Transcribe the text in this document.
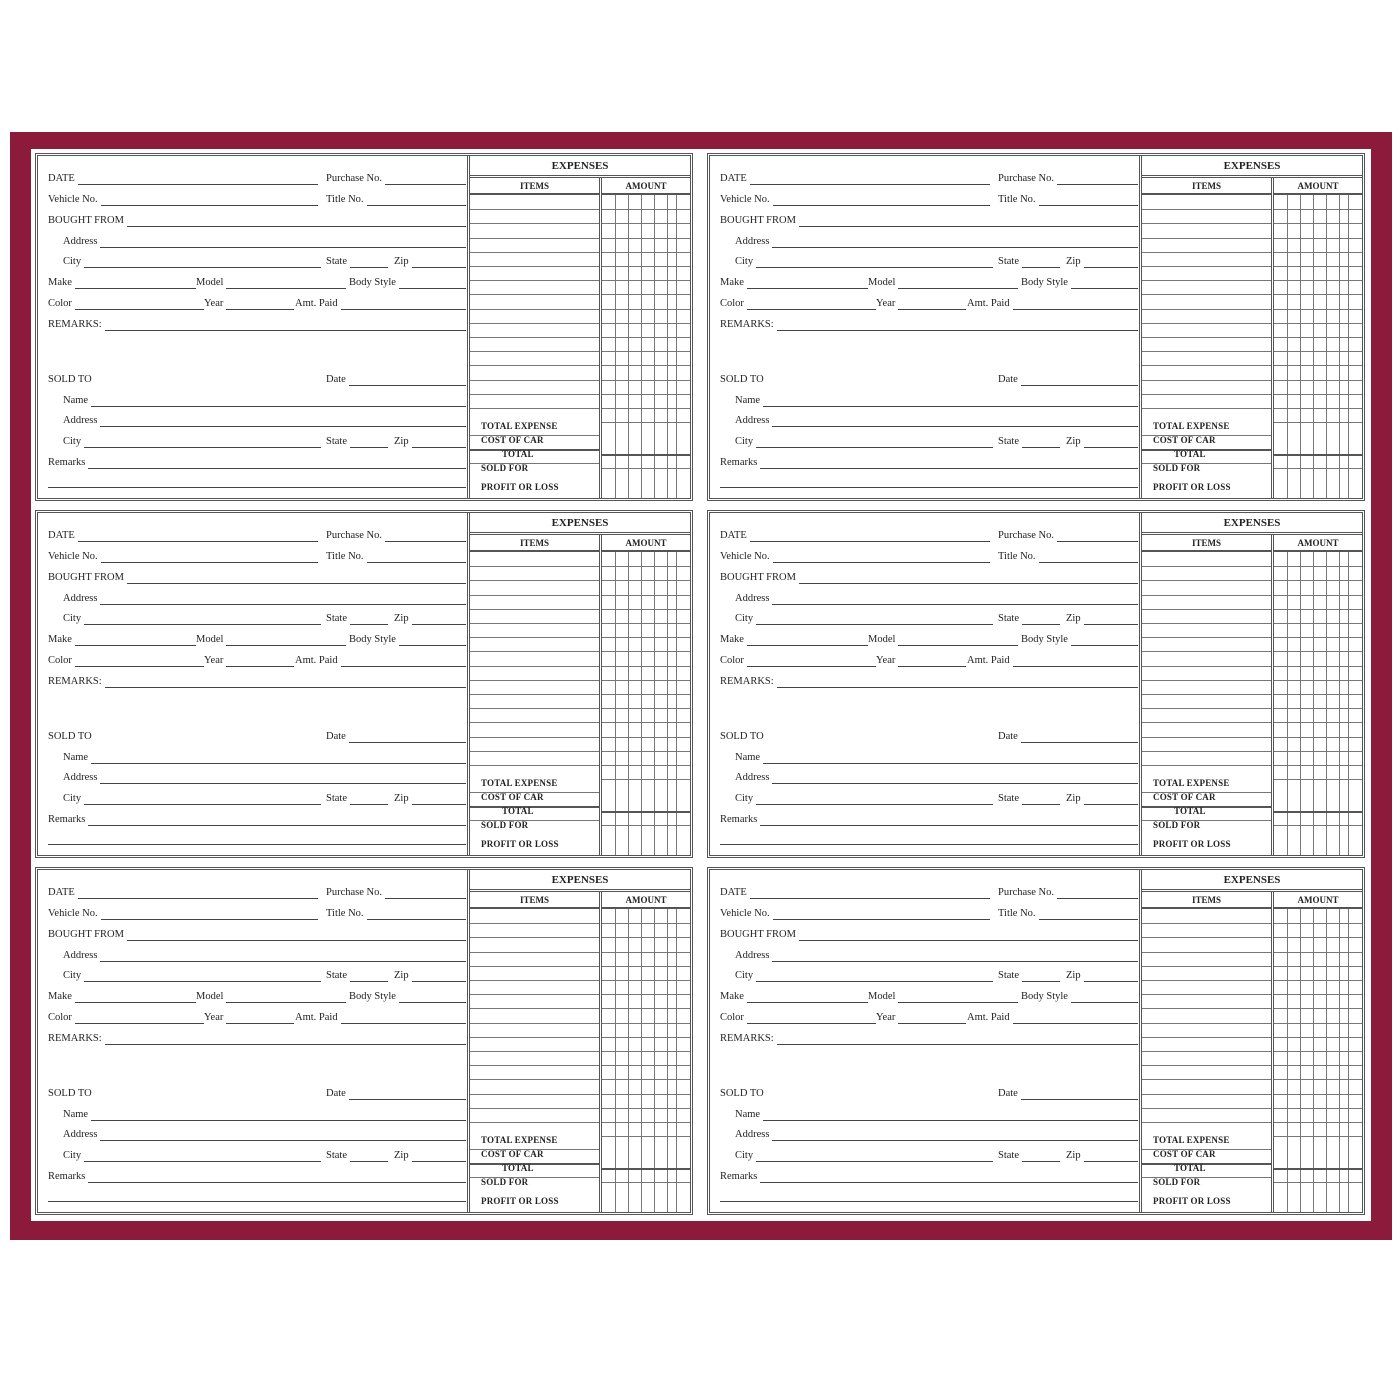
DATE	Purchase No.
Vehicle No.	Title No.
BOUGHT FROM
Address
City	State	Zip
Make	Model	Body Style
Color	Year	Amt. Paid
REMARKS:
SOLD TO	Date
Name
Address
City	State	Zip
Remarks
EXPENSES
ITEMS	AMOUNT
TOTAL EXPENSE
COST OF CAR
TOTAL
SOLD FOR
PROFIT OR LOSS
DATE	Purchase No.
Vehicle No.	Title No.
BOUGHT FROM
Address
City	State	Zip
Make	Model	Body Style
Color	Year	Amt. Paid
REMARKS:
SOLD TO	Date
Name
Address
City	State	Zip
Remarks
EXPENSES
ITEMS	AMOUNT
TOTAL EXPENSE
COST OF CAR
TOTAL
SOLD FOR
PROFIT OR LOSS
DATE	Purchase No.
Vehicle No.	Title No.
BOUGHT FROM
Address
City	State	Zip
Make	Model	Body Style
Color	Year	Amt. Paid
REMARKS:
SOLD TO	Date
Name
Address
City	State	Zip
Remarks
EXPENSES
ITEMS	AMOUNT
TOTAL EXPENSE
COST OF CAR
TOTAL
SOLD FOR
PROFIT OR LOSS
DATE	Purchase No.
Vehicle No.	Title No.
BOUGHT FROM
Address
City	State	Zip
Make	Model	Body Style
Color	Year	Amt. Paid
REMARKS:
SOLD TO	Date
Name
Address
City	State	Zip
Remarks
EXPENSES
ITEMS	AMOUNT
TOTAL EXPENSE
COST OF CAR
TOTAL
SOLD FOR
PROFIT OR LOSS
DATE	Purchase No.
Vehicle No.	Title No.
BOUGHT FROM
Address
City	State	Zip
Make	Model	Body Style
Color	Year	Amt. Paid
REMARKS:
SOLD TO	Date
Name
Address
City	State	Zip
Remarks
EXPENSES
ITEMS	AMOUNT
TOTAL EXPENSE
COST OF CAR
TOTAL
SOLD FOR
PROFIT OR LOSS
DATE	Purchase No.
Vehicle No.	Title No.
BOUGHT FROM
Address
City	State	Zip
Make	Model	Body Style
Color	Year	Amt. Paid
REMARKS:
SOLD TO	Date
Name
Address
City	State	Zip
Remarks
EXPENSES
ITEMS	AMOUNT
TOTAL EXPENSE
COST OF CAR
TOTAL
SOLD FOR
PROFIT OR LOSS
